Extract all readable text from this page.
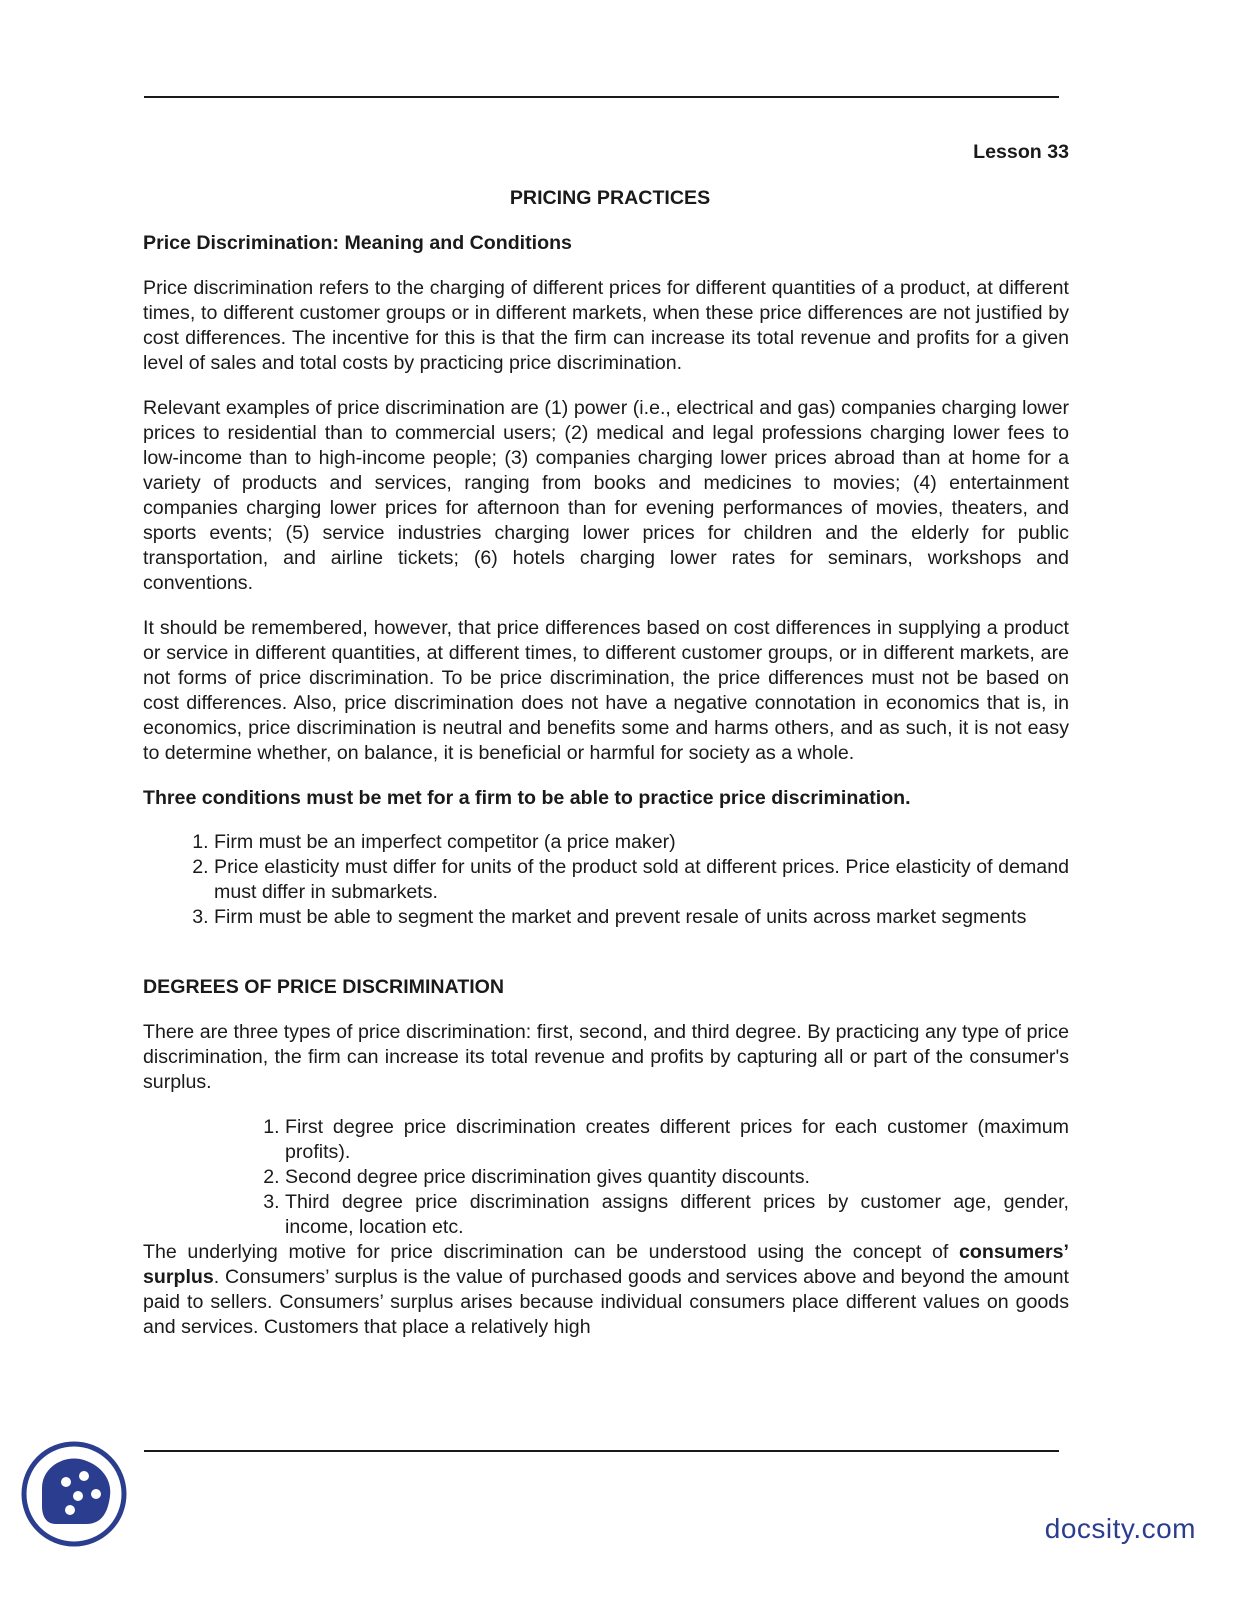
Lesson 33

PRICING PRACTICES

Price Discrimination: Meaning and Conditions

Price discrimination refers to the charging of different prices for different quantities of a product, at different times, to different customer groups or in different markets, when these price differences are not justified by cost differences. The incentive for this is that the firm can increase its total revenue and profits for a given level of sales and total costs by practicing price discrimination.

Relevant examples of price discrimination are (1) power (i.e., electrical and gas) companies charging lower prices to residential than to commercial users; (2) medical and legal professions charging lower fees to low-income than to high-income people; (3) companies charging lower prices abroad than at home for a variety of products and services, ranging from books and medicines to movies; (4) entertainment companies charging lower prices for afternoon than for evening performances of movies, theaters, and sports events; (5) service industries charging lower prices for children and the elderly for public transportation, and airline tickets; (6) hotels charging lower rates for seminars, workshops and conventions.

It should be remembered, however, that price differences based on cost differences in supplying a product or service in different quantities, at different times, to different customer groups, or in different markets, are not forms of price discrimination. To be price discrimination, the price differences must not be based on cost differences. Also, price discrimination does not have a negative connotation in economics that is, in economics, price discrimination is neutral and benefits some and harms others, and as such, it is not easy to determine whether, on balance, it is beneficial or harmful for society as a whole.

Three conditions must be met for a firm to be able to practice price discrimination.

1. Firm must be an imperfect competitor (a price maker)
2. Price elasticity must differ for units of the product sold at different prices. Price elasticity of demand must differ in submarkets.
3. Firm must be able to segment the market and prevent resale of units across market segments

DEGREES OF PRICE DISCRIMINATION

There are three types of price discrimination: first, second, and third degree. By practicing any type of price discrimination, the firm can increase its total revenue and profits by capturing all or part of the consumer's surplus.

1. First degree price discrimination creates different prices for each customer (maximum profits).
2. Second degree price discrimination gives quantity discounts.
3. Third degree price discrimination assigns different prices by customer age, gender, income, location etc.

The underlying motive for price discrimination can be understood using the concept of consumers’ surplus. Consumers’ surplus is the value of purchased goods and services above and beyond the amount paid to sellers. Consumers’ surplus arises because individual consumers place different values on goods and services. Customers that place a relatively high

docsity.com
